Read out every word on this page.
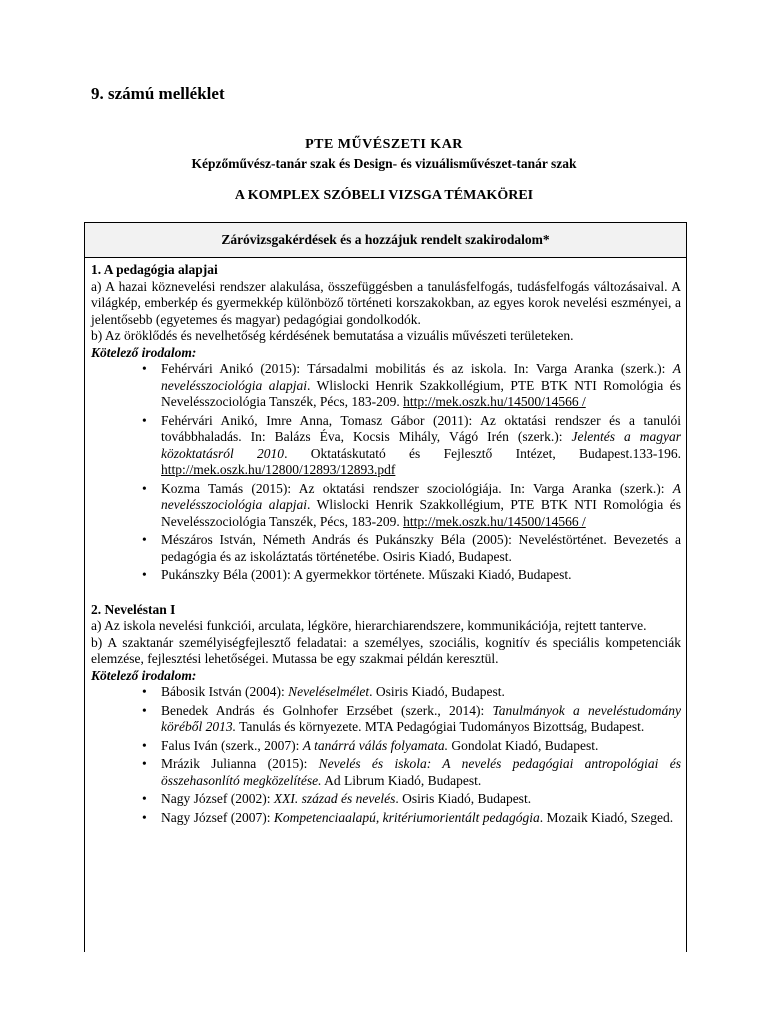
9. számú melléklet
PTE MŰVÉSZETI KAR
Képzőművész-tanár szak és Design- és vizuálisművészet-tanár szak
A KOMPLEX SZÓBELI VIZSGA TÉMAKÖREI
Záróvizsgakérdések és a hozzájuk rendelt szakirodalom*
1. A pedagógia alapjai
a) A hazai köznevelési rendszer alakulása, összefüggésben a tanulásfelfogás, tudásfelfogás változásaival. A világkép, emberkép és gyermekkép különböző történeti korszakokban, az egyes korok nevelési eszményei, a jelentősebb (egyetemes és magyar) pedagógiai gondolkodók.
b) Az öröklődés és nevelhetőség kérdésének bemutatása a vizuális művészeti területeken.
Kötelező irodalom:
• Fehérvári Anikó (2015): Társadalmi mobilitás és az iskola. In: Varga Aranka (szerk.): A nevelésszociológia alapjai. Wlislocki Henrik Szakkollégium, PTE BTK NTI Romológia és Nevelésszociológia Tanszék, Pécs, 183-209. http://mek.oszk.hu/14500/14566 /
• Fehérvári Anikó, Imre Anna, Tomasz Gábor (2011): Az oktatási rendszer és a tanulói továbbhaladás. In: Balázs Éva, Kocsis Mihály, Vágó Irén (szerk.): Jelentés a magyar közoktatásról 2010. Oktatáskutató és Fejlesztő Intézet, Budapest.133-196. http://mek.oszk.hu/12800/12893/12893.pdf
• Kozma Tamás (2015): Az oktatási rendszer szociológiája. In: Varga Aranka (szerk.): A nevelésszociológia alapjai. Wlislocki Henrik Szakkollégium, PTE BTK NTI Romológia és Nevelésszociológia Tanszék, Pécs, 183-209. http://mek.oszk.hu/14500/14566 /
• Mészáros István, Németh András és Pukánszky Béla (2005): Neveléstörténet. Bevezetés a pedagógia és az iskoláztatás történetébe. Osiris Kiadó, Budapest.
• Pukánszky Béla (2001): A gyermekkor története. Műszaki Kiadó, Budapest.
2. Neveléstan I
a) Az iskola nevelési funkciói, arculata, légköre, hierarchiarendszere, kommunikációja, rejtett tanterve.
b) A szaktanár személyiségfejlesztő feladatai: a személyes, szociális, kognitív és speciális kompetenciák elemzése, fejlesztési lehetőségei. Mutassa be egy szakmai példán keresztül.
Kötelező irodalom:
• Bábosik István (2004): Neveléselmélet. Osiris Kiadó, Budapest.
• Benedek András és Golnhofer Erzsébet (szerk., 2014): Tanulmányok a neveléstudomány köréből 2013. Tanulás és környezete. MTA Pedagógiai Tudományos Bizottság, Budapest.
• Falus Iván (szerk., 2007): A tanárrá válás folyamata. Gondolat Kiadó, Budapest.
• Mrázik Julianna (2015): Nevelés és iskola: A nevelés pedagógiai antropológiai és összehasonlító megközelítése. Ad Librum Kiadó, Budapest.
• Nagy József (2002): XXI. század és nevelés. Osiris Kiadó, Budapest.
• Nagy József (2007): Kompetenciaalapú, kritériumorientált pedagógia. Mozaik Kiadó, Szeged.
